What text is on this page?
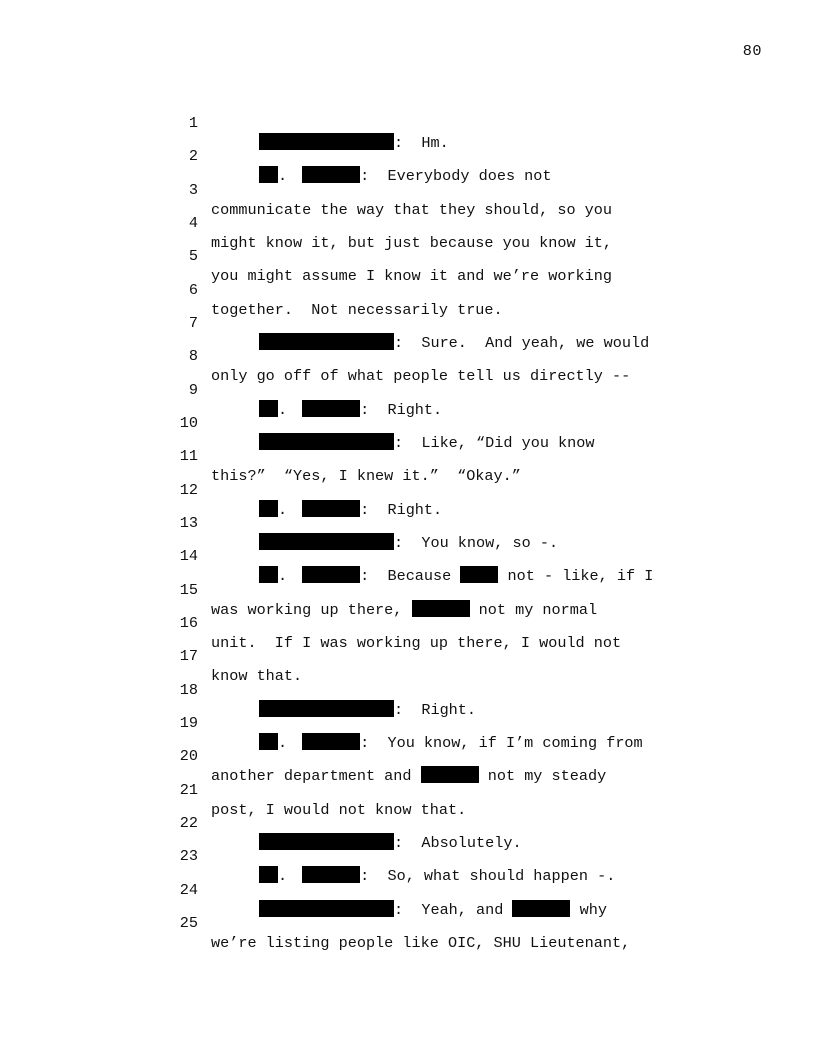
80

1

:  Hm.

2

.	:  Everybody does not

3

communicate the way that they should, so you

4

might know it, but just because you know it,

5

you might assume I know it and we’re working

6

together.  Not necessarily true.

7

:  Sure.  And yeah, we would

8

only go off of what people tell us directly --

9

.	:  Right.

10

:  Like, “Did you know

11

this?”  “Yes, I knew it.”  “Okay.”

12

.	:  Right.

13

:  You know, so -.

14

.	:  Because	not - like, if I

15

was working up there,	not my normal

16

unit.  If I was working up there, I would not

17

know that.

18

:  Right.

19

.	:  You know, if I’m coming from

20

another department and	not my steady

21

post, I would not know that.

22

:  Absolutely.

23

.	:  So, what should happen -.

24

:  Yeah, and	why

25

we’re listing people like OIC, SHU Lieutenant,
